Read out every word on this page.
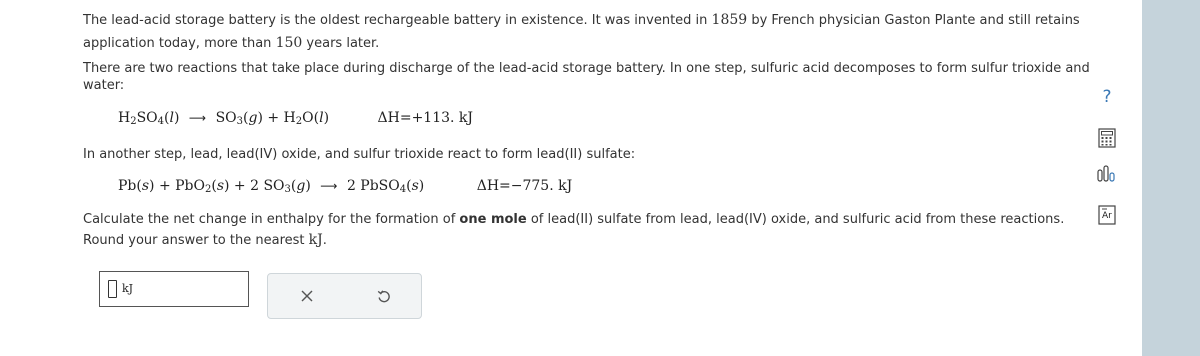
The lead-acid storage battery is the oldest rechargeable battery in existence. It was invented in 1859 by French physician Gaston Plante and still retains
application today, more than 150 years later.
There are two reactions that take place during discharge of the lead-acid storage battery. In one step, sulfuric acid decomposes to form sulfur trioxide and
water:
$H_2SO_4(l)$ ⟶ $SO_3(g) + H_2O(l)$	ΔH=+113. kJ
In another step, lead, lead(IV) oxide, and sulfur trioxide react to form lead(II) sulfate:
Pb(s) + PbO$_2$(s) + 2 $SO_3(g)$ ⟶ 2 PbSO$_4$(s)	ΔH=−775. kJ
Calculate the net change in enthalpy for the formation of one mole of lead(II) sulfate from lead, lead(IV) oxide, and sulfuric acid from these reactions.
Round your answer to the nearest kJ.
kJ
?
Ar
